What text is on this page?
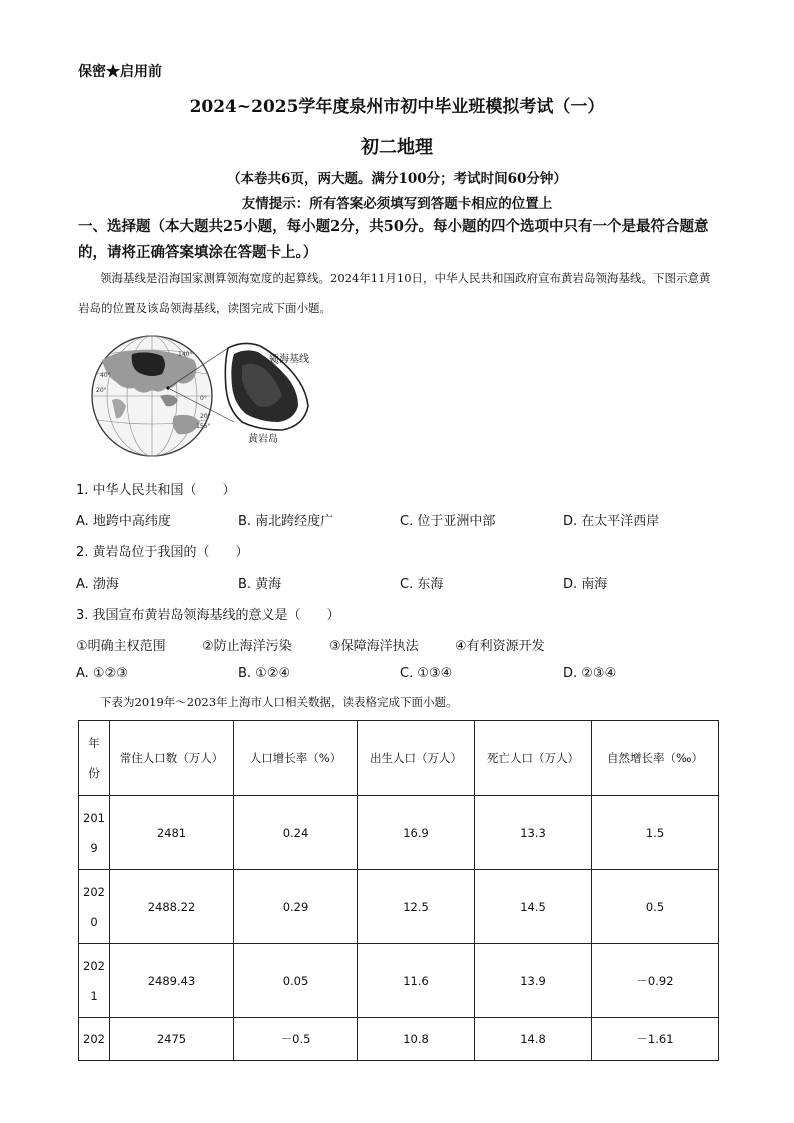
保密★启用前
2024~2025学年度泉州市初中毕业班模拟考试（一）
初二地理
（本卷共6页，两大题。满分100分；考试时间60分钟）
友情提示：所有答案必须填写到答题卡相应的位置上
一、选择题（本大题共25小题，每小题2分，共50分。每小题的四个选项中只有一个是最符合题意的，请将正确答案填涂在答题卡上。）
领海基线是沿海国家测算领海宽度的起算线。2024年11月10日，中华人民共和国政府宣布黄岩岛领海基线。下图示意黄岩岛的位置及该岛领海基线，读图完成下面小题。
40°
20°
0°
20°
140°
155°
领海基线
黄岩岛
1. 中华人民共和国（　　）
A. 地跨中高纬度	B. 南北跨经度广	C. 位于亚洲中部	D. 在太平洋西岸
2. 黄岩岛位于我国的（　　）
A. 渤海	B. 黄海	C. 东海	D. 南海
3. 我国宣布黄岩岛领海基线的意义是（　　）
①明确主权范围	②防止海洋污染	③保障海洋执法	④有利资源开发
A. ①②③	B. ①②④	C. ①③④	D. ②③④
下表为2019年～2023年上海市人口相关数据，读表格完成下面小题。
年份	常住人口数（万人）	人口增长率（%）	出生人口（万人）	死亡人口（万人）	自然增长率（‰）
2019	2481	0.24	16.9	13.3	1.5
2020	2488.22	0.29	12.5	14.5	0.5
2021	2489.43	0.05	11.6	13.9	－0.92
202	2475	－0.5	10.8	14.8	－1.61
